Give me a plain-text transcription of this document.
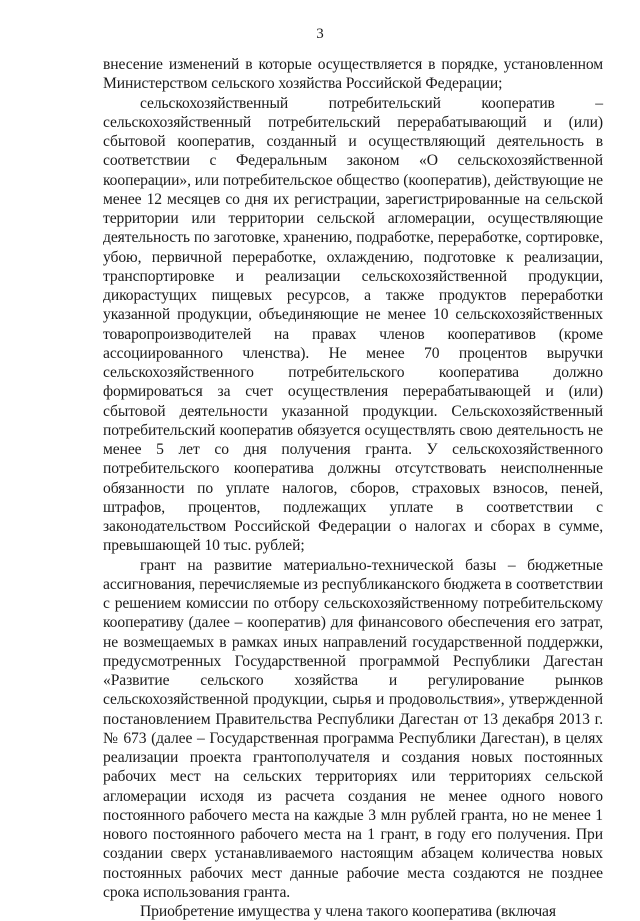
3

внесение изменений в которые осуществляется в порядке, установленном Министерством сельского хозяйства Российской Федерации;

сельскохозяйственный потребительский кооператив – сельскохозяйственный потребительский перерабатывающий и (или) сбытовой кооператив, созданный и осуществляющий деятельность в соответствии с Федеральным законом «О сельскохозяйственной кооперации», или потребительское общество (кооператив), действующие не менее 12 месяцев со дня их регистрации, зарегистрированные на сельской территории или территории сельской агломерации, осуществляющие деятельность по заготовке, хранению, подработке, переработке, сортировке, убою, первичной переработке, охлаждению, подготовке к реализации, транспортировке и реализации сельскохозяйственной продукции, дикорастущих пищевых ресурсов, а также продуктов переработки указанной продукции, объединяющие не менее 10 сельскохозяйственных товаропроизводителей на правах членов кооперативов (кроме ассоциированного членства). Не менее 70 процентов выручки сельскохозяйственного потребительского кооператива должно формироваться за счет осуществления перерабатывающей и (или) сбытовой деятельности указанной продукции. Сельскохозяйственный потребительский кооператив обязуется осуществлять свою деятельность не менее 5 лет со дня получения гранта. У сельскохозяйственного потребительского кооператива должны отсутствовать неисполненные обязанности по уплате налогов, сборов, страховых взносов, пеней, штрафов, процентов, подлежащих уплате в соответствии с законодательством Российской Федерации о налогах и сборах в сумме, превышающей 10 тыс. рублей;

грант на развитие материально-технической базы – бюджетные ассигнования, перечисляемые из республиканского бюджета в соответствии с решением комиссии по отбору сельскохозяйственному потребительскому кооперативу (далее – кооператив) для финансового обеспечения его затрат, не возмещаемых в рамках иных направлений государственной поддержки, предусмотренных Государственной программой Республики Дагестан «Развитие сельского хозяйства и регулирование рынков сельскохозяйственной продукции, сырья и продовольствия», утвержденной постановлением Правительства Республики Дагестан от 13 декабря 2013 г. № 673 (далее – Государственная программа Республики Дагестан), в целях реализации проекта грантополучателя и создания новых постоянных рабочих мест на сельских территориях или территориях сельской агломерации исходя из расчета создания не менее одного нового постоянного рабочего места на каждые 3 млн рублей гранта, но не менее 1 нового постоянного рабочего места на 1 грант, в году его получения. При создании сверх устанавливаемого настоящим абзацем количества новых постоянных рабочих мест данные рабочие места создаются не позднее срока использования гранта.

Приобретение имущества у члена такого кооператива (включая
